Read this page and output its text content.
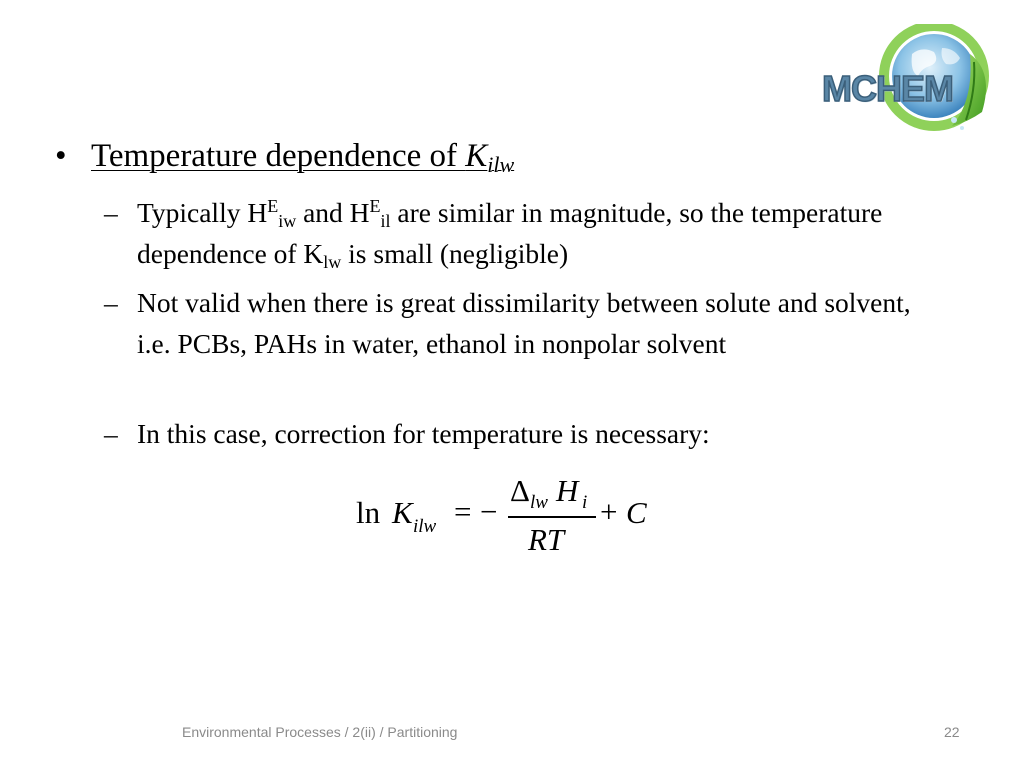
MCHEM
• Temperature dependence of $K_{ilw}$
– Typically $H^E_{iw}$ and $H^E_{il}$ are similar in magnitude, so the temperature dependence of $K_{lw}$ is small (negligible)
– Not valid when there is great dissimilarity between solute and solvent, i.e. PCBs, PAHs in water, ethanol in nonpolar solvent
– In this case, correction for temperature is necessary:
ln K ilw = −
Δ lw H i
RT
+ C
Environmental Processes / 2(ii) / Partitioning	22
